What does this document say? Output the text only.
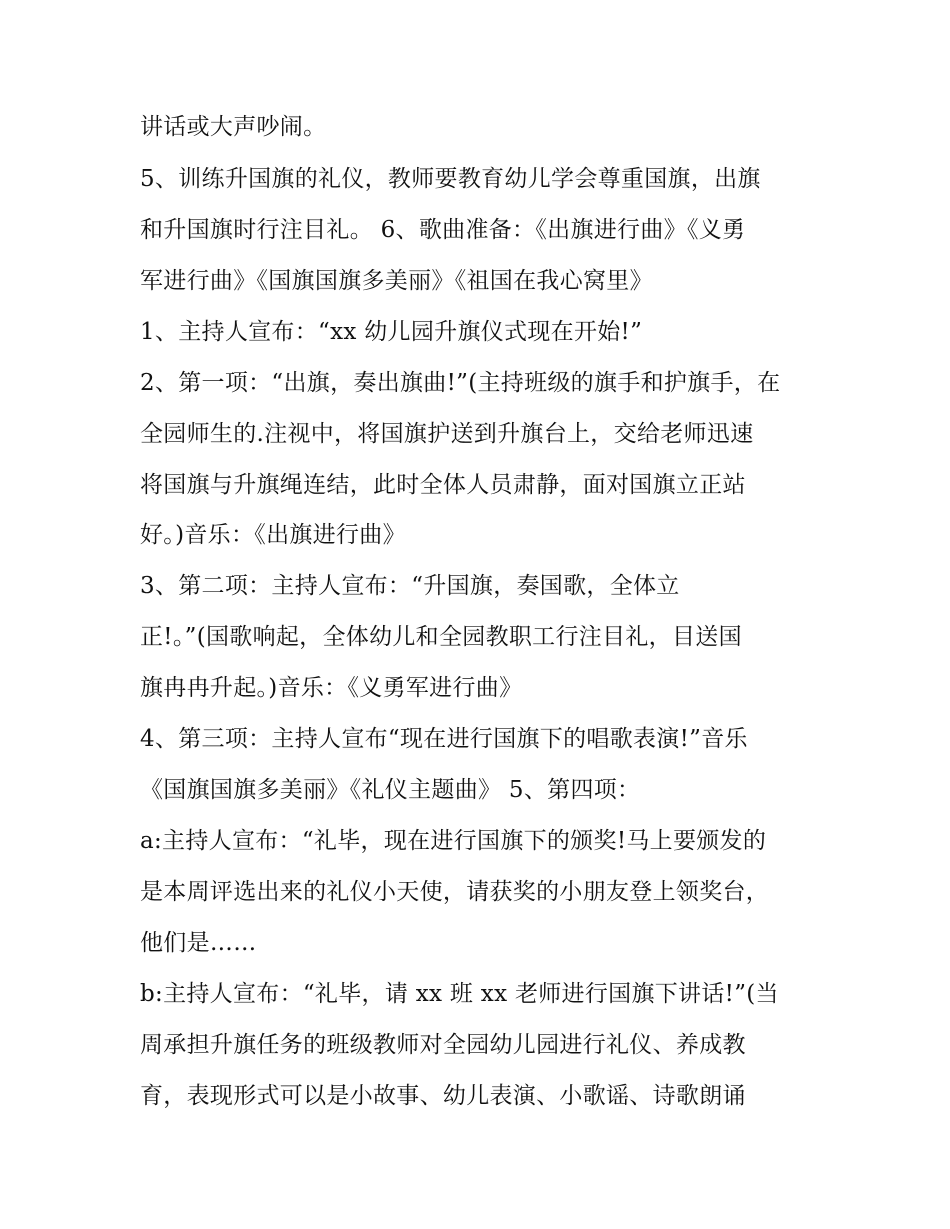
讲话或大声吵闹。
5、训练升国旗的礼仪，教师要教育幼儿学会尊重国旗，出旗
和升国旗时行注目礼。 6、歌曲准备：《出旗进行曲》《义勇
军进行曲》《国旗国旗多美丽》《祖国在我心窝里》
1、主持人宣布：“xx 幼儿园升旗仪式现在开始!”
2、第一项：“出旗，奏出旗曲!”(主持班级的旗手和护旗手，在
全园师生的.注视中，将国旗护送到升旗台上，交给老师迅速
将国旗与升旗绳连结，此时全体人员肃静，面对国旗立正站
好。)音乐：《出旗进行曲》
3、第二项：主持人宣布：“升国旗，奏国歌，全体立
正!。”(国歌响起，全体幼儿和全园教职工行注目礼，目送国
旗冉冉升起。)音乐：《义勇军进行曲》
4、第三项：主持人宣布“现在进行国旗下的唱歌表演!”音乐
《国旗国旗多美丽》《礼仪主题曲》 5、第四项：
a:主持人宣布：“礼毕，现在进行国旗下的颁奖!马上要颁发的
是本周评选出来的礼仪小天使，请获奖的小朋友登上领奖台，
他们是……
b:主持人宣布：“礼毕，请 xx 班 xx 老师进行国旗下讲话!”(当
周承担升旗任务的班级教师对全园幼儿园进行礼仪、养成教
育，表现形式可以是小故事、幼儿表演、小歌谣、诗歌朗诵
